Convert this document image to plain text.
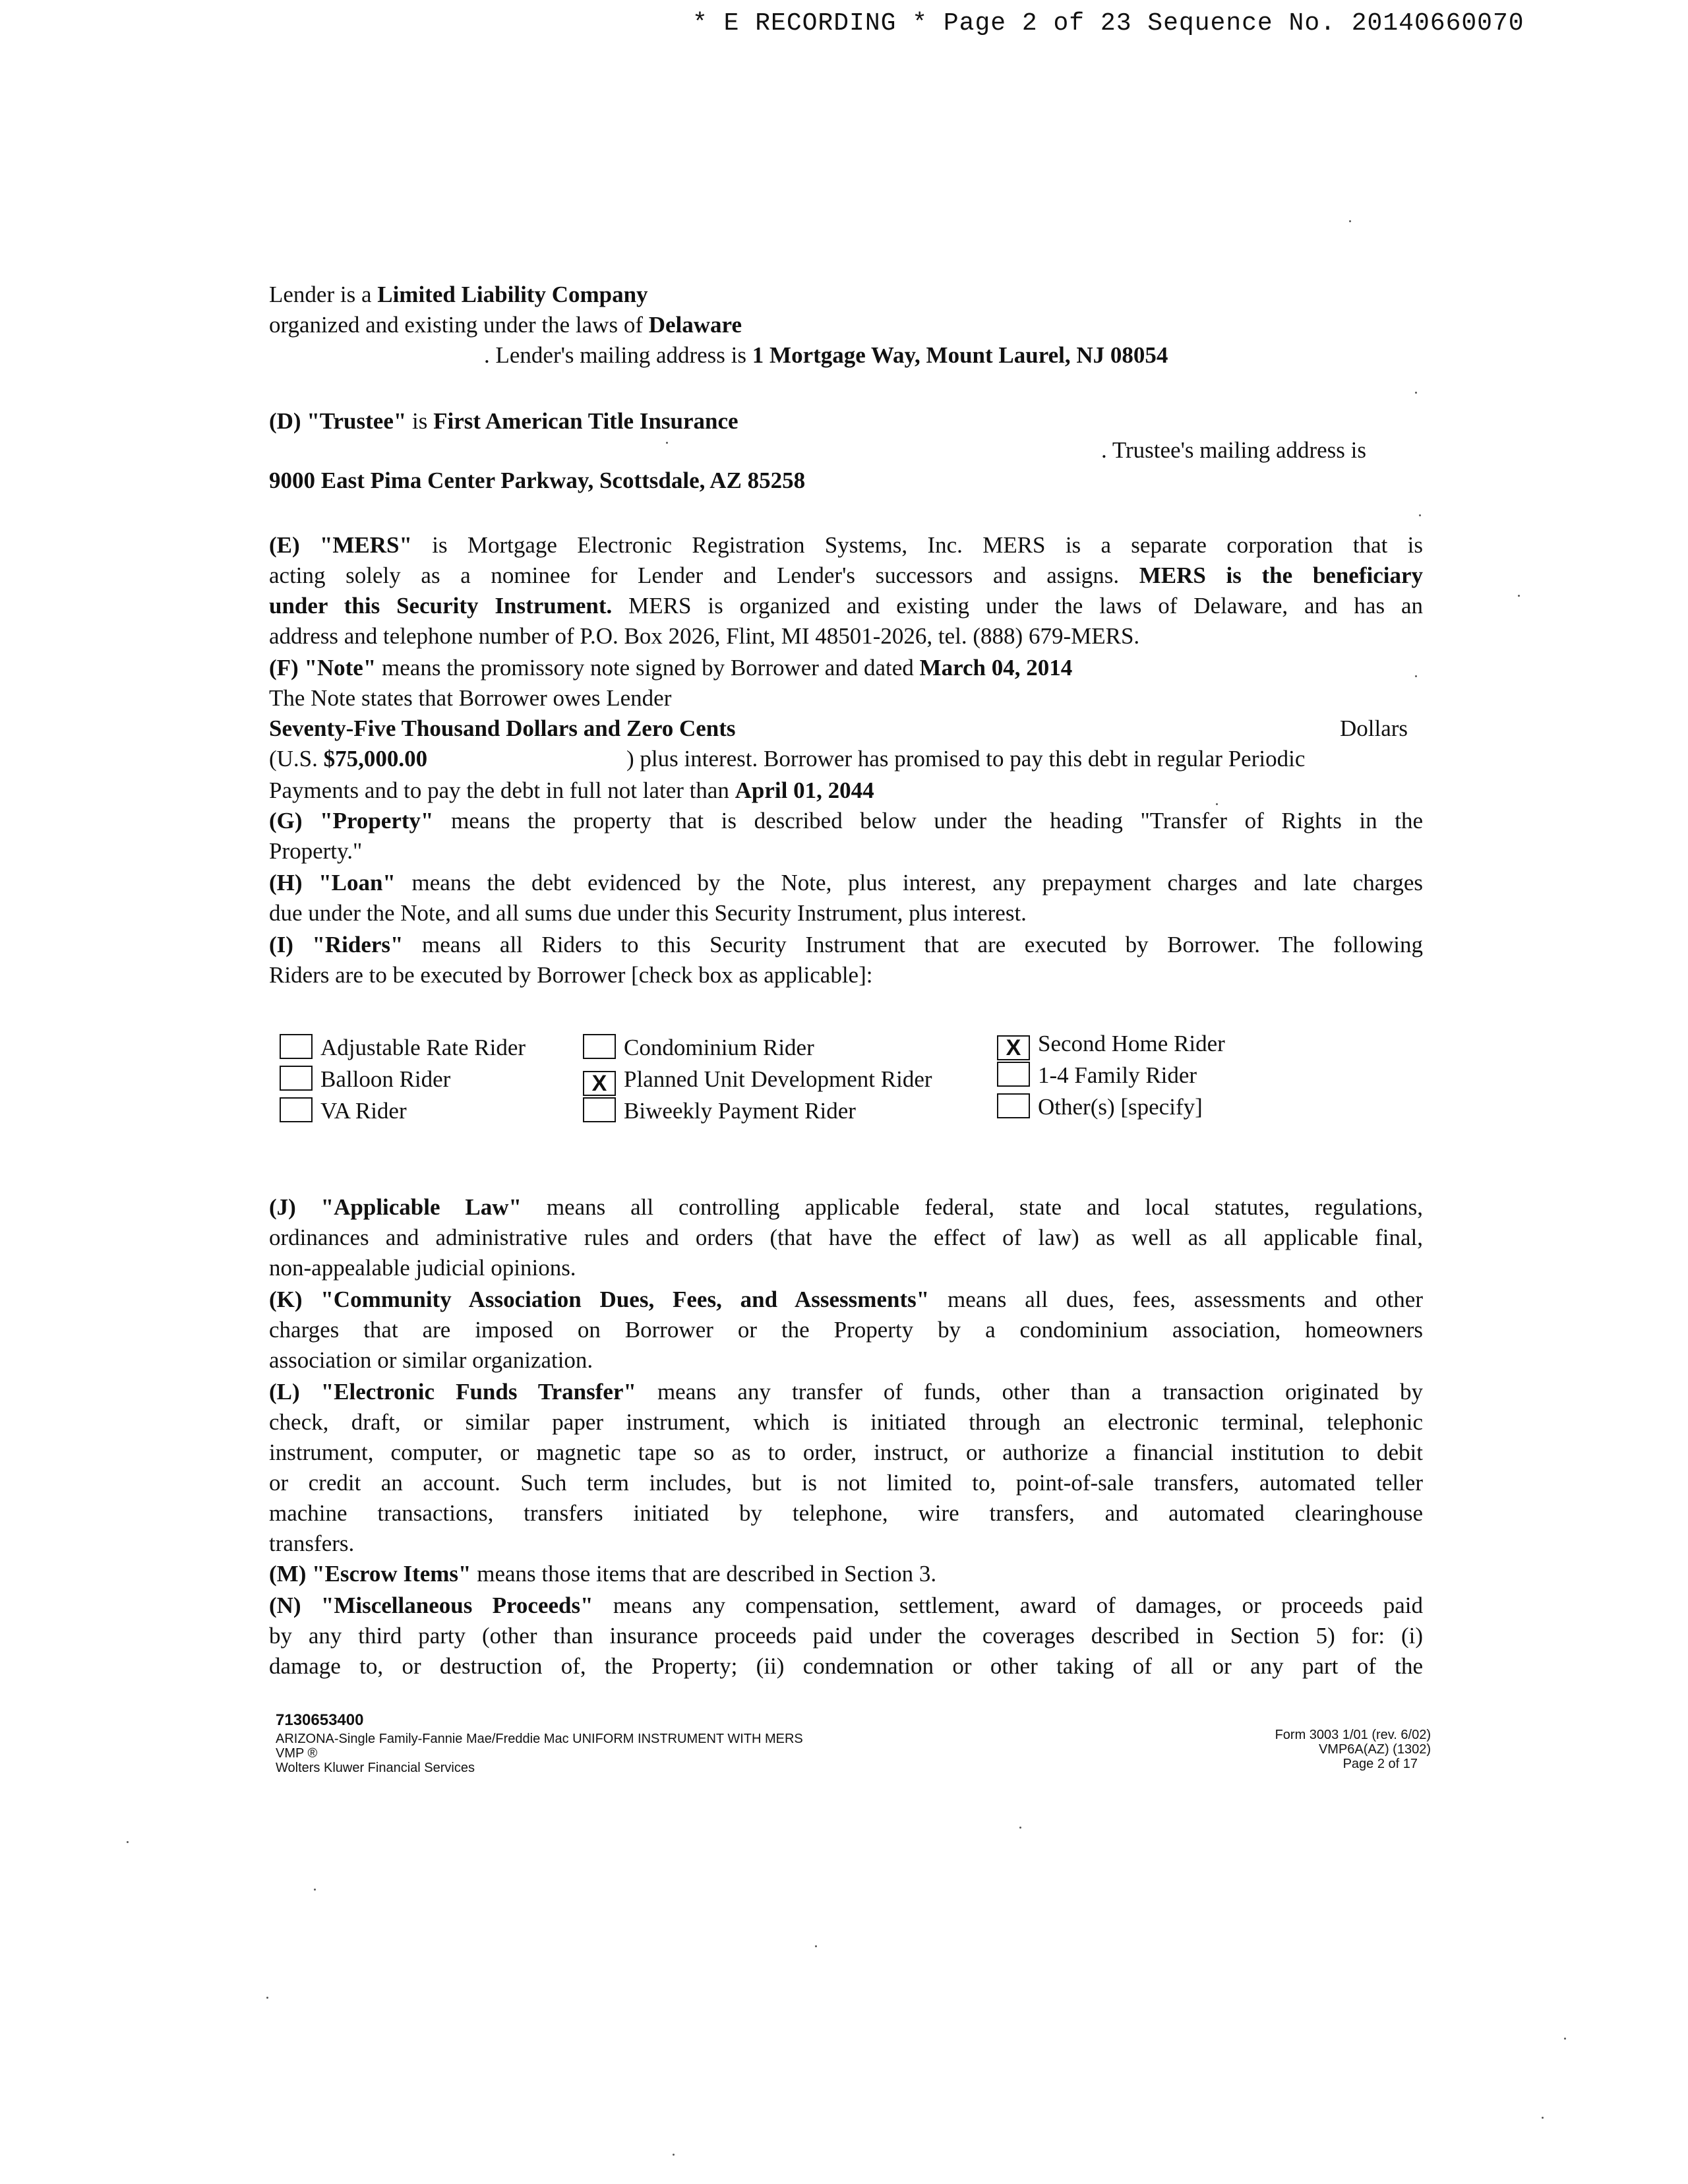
* E RECORDING * Page 2 of 23 Sequence No. 20140660070
Lender is a Limited Liability Company
organized and existing under the laws of Delaware
. Lender's mailing address is 1 Mortgage Way, Mount Laurel, NJ 08054
(D) "Trustee" is First American Title Insurance
. Trustee's mailing address is
9000 East Pima Center Parkway, Scottsdale, AZ 85258
(E) "MERS" is Mortgage Electronic Registration Systems, Inc. MERS is a separate corporation that is
acting solely as a nominee for Lender and Lender's successors and assigns. MERS is the beneficiary
under this Security Instrument. MERS is organized and existing under the laws of Delaware, and has an
address and telephone number of P.O. Box 2026, Flint, MI 48501-2026, tel. (888) 679-MERS.
(F) "Note" means the promissory note signed by Borrower and dated March 04, 2014
The Note states that Borrower owes Lender
Seventy-Five Thousand Dollars and Zero Cents	Dollars
(U.S. $75,000.00	) plus interest. Borrower has promised to pay this debt in regular Periodic
Payments and to pay the debt in full not later than April 01, 2044
(G) "Property" means the property that is described below under the heading "Transfer of Rights in the
Property."
(H) "Loan" means the debt evidenced by the Note, plus interest, any prepayment charges and late charges
due under the Note, and all sums due under this Security Instrument, plus interest.
(I) "Riders" means all Riders to this Security Instrument that are executed by Borrower. The following
Riders are to be executed by Borrower [check box as applicable]:
Adjustable Rate Rider
Balloon Rider
VA Rider
Condominium Rider
X Planned Unit Development Rider
Biweekly Payment Rider
X Second Home Rider
1-4 Family Rider
Other(s) [specify]
(J) "Applicable Law" means all controlling applicable federal, state and local statutes, regulations,
ordinances and administrative rules and orders (that have the effect of law) as well as all applicable final,
non-appealable judicial opinions.
(K) "Community Association Dues, Fees, and Assessments" means all dues, fees, assessments and other
charges that are imposed on Borrower or the Property by a condominium association, homeowners
association or similar organization.
(L) "Electronic Funds Transfer" means any transfer of funds, other than a transaction originated by
check, draft, or similar paper instrument, which is initiated through an electronic terminal, telephonic
instrument, computer, or magnetic tape so as to order, instruct, or authorize a financial institution to debit
or credit an account. Such term includes, but is not limited to, point-of-sale transfers, automated teller
machine transactions, transfers initiated by telephone, wire transfers, and automated clearinghouse
transfers.
(M) "Escrow Items" means those items that are described in Section 3.
(N) "Miscellaneous Proceeds" means any compensation, settlement, award of damages, or proceeds paid
by any third party (other than insurance proceeds paid under the coverages described in Section 5) for: (i)
damage to, or destruction of, the Property; (ii) condemnation or other taking of all or any part of the
7130653400
ARIZONA-Single Family-Fannie Mae/Freddie Mac UNIFORM INSTRUMENT WITH MERS
VMP ®
Wolters Kluwer Financial Services
Form 3003 1/01 (rev. 6/02)
VMP6A(AZ) (1302)
Page 2 of 17
